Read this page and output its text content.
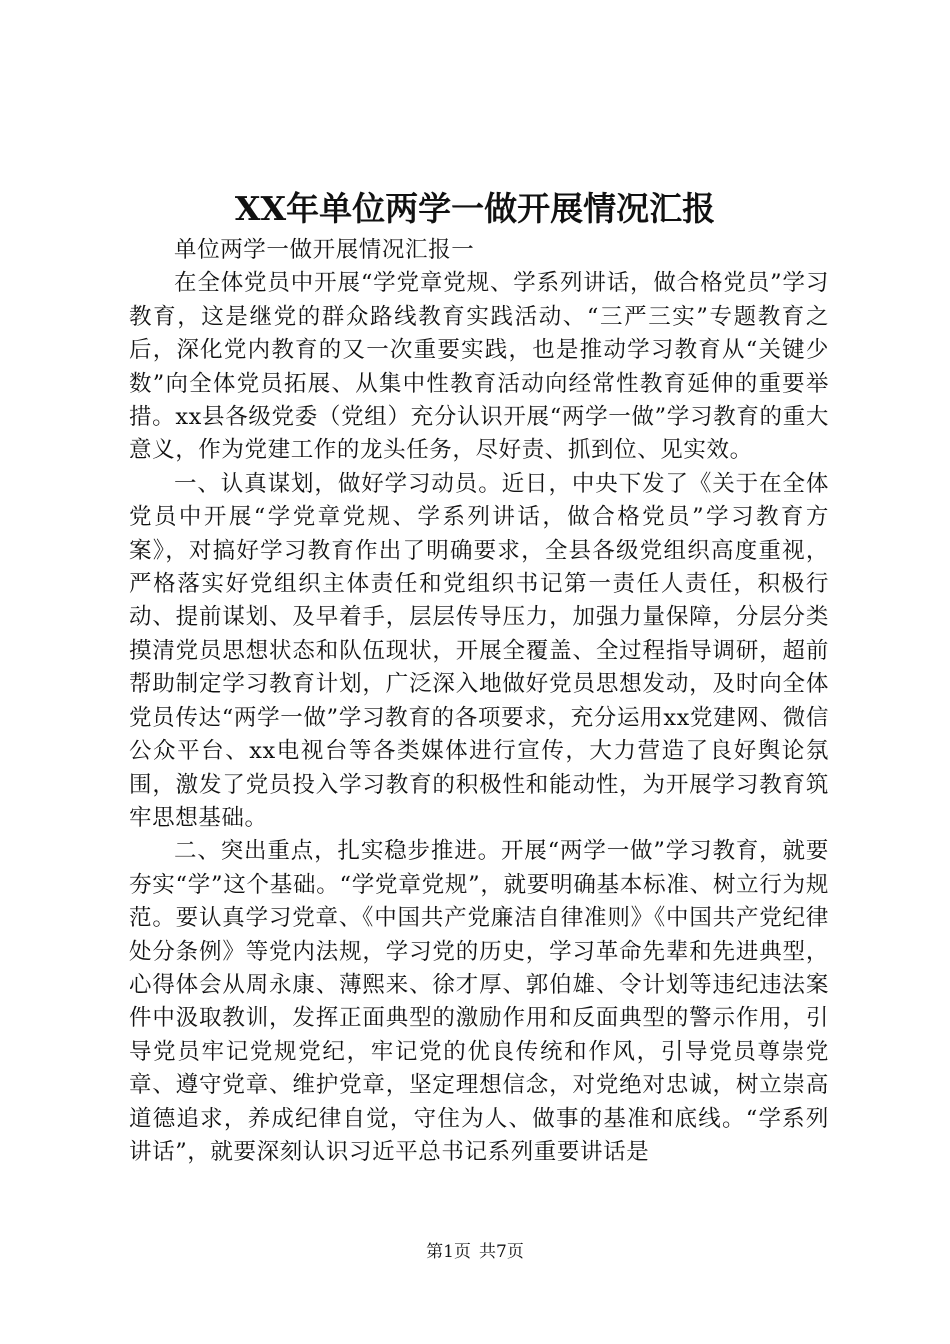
XX年单位两学一做开展情况汇报

单位两学一做开展情况汇报一

在全体党员中开展“学党章党规、学系列讲话，做合格党员”学习教育，这是继党的群众路线教育实践活动、“三严三实”专题教育之后，深化党内教育的又一次重要实践，也是推动学习教育从“关键少数”向全体党员拓展、从集中性教育活动向经常性教育延伸的重要举措。xx县各级党委（党组）充分认识开展“两学一做”学习教育的重大意义，作为党建工作的龙头任务，尽好责、抓到位、见实效。

一、认真谋划，做好学习动员。近日，中央下发了《关于在全体党员中开展“学党章党规、学系列讲话，做合格党员”学习教育方案》，对搞好学习教育作出了明确要求，全县各级党组织高度重视，严格落实好党组织主体责任和党组织书记第一责任人责任，积极行动、提前谋划、及早着手，层层传导压力，加强力量保障，分层分类摸清党员思想状态和队伍现状，开展全覆盖、全过程指导调研，超前帮助制定学习教育计划，广泛深入地做好党员思想发动，及时向全体党员传达“两学一做”学习教育的各项要求，充分运用xx党建网、微信公众平台、xx电视台等各类媒体进行宣传，大力营造了良好舆论氛围，激发了党员投入学习教育的积极性和能动性，为开展学习教育筑牢思想基础。

二、突出重点，扎实稳步推进。开展“两学一做”学习教育，就要夯实“学”这个基础。“学党章党规”，就要明确基本标准、树立行为规范。要认真学习党章、《中国共产党廉洁自律准则》《中国共产党纪律处分条例》等党内法规，学习党的历史，学习革命先辈和先进典型，心得体会从周永康、薄熙来、徐才厚、郭伯雄、令计划等违纪违法案件中汲取教训，发挥正面典型的激励作用和反面典型的警示作用，引导党员牢记党规党纪，牢记党的优良传统和作风，引导党员尊崇党章、遵守党章、维护党章，坚定理想信念，对党绝对忠诚，树立崇高道德追求，养成纪律自觉，守住为人、做事的基准和底线。“学系列讲话”，就要深刻认识习近平总书记系列重要讲话是

第1页 共7页
